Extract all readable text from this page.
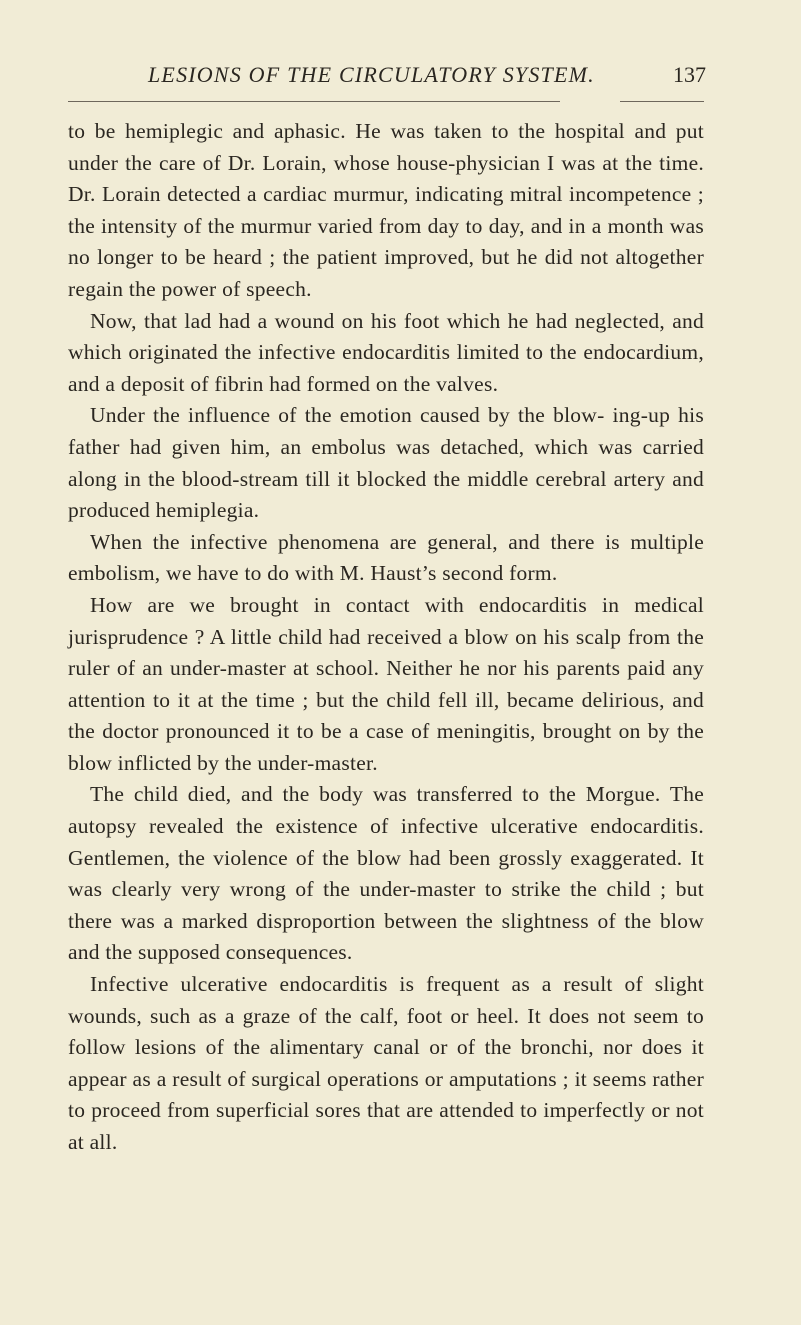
LESIONS OF THE CIRCULATORY SYSTEM.	137

to be hemiplegic and aphasic. He was taken to the hospital and put under the care of Dr. Lorain, whose house-physician I was at the time. Dr. Lorain detected a cardiac murmur, indicating mitral incompetence ; the intensity of the murmur varied from day to day, and in a month was no longer to be heard ; the patient improved, but he did not altogether regain the power of speech.

Now, that lad had a wound on his foot which he had neglected, and which originated the infective endocarditis limited to the endocardium, and a deposit of fibrin had formed on the valves.

Under the influence of the emotion caused by the blow- ing-up his father had given him, an embolus was detached, which was carried along in the blood-stream till it blocked the middle cerebral artery and produced hemiplegia.

When the infective phenomena are general, and there is multiple embolism, we have to do with M. Haust’s second form.

How are we brought in contact with endocarditis in medical jurisprudence ? A little child had received a blow on his scalp from the ruler of an under-master at school. Neither he nor his parents paid any attention to it at the time ; but the child fell ill, became delirious, and the doctor pronounced it to be a case of meningitis, brought on by the blow inflicted by the under-master.

The child died, and the body was transferred to the Morgue. The autopsy revealed the existence of infective ulcerative endocarditis. Gentlemen, the violence of the blow had been grossly exaggerated. It was clearly very wrong of the under-master to strike the child ; but there was a marked disproportion between the slightness of the blow and the supposed consequences.

Infective ulcerative endocarditis is frequent as a result of slight wounds, such as a graze of the calf, foot or heel. It does not seem to follow lesions of the alimentary canal or of the bronchi, nor does it appear as a result of surgical operations or amputations ; it seems rather to proceed from superficial sores that are attended to imperfectly or not at all.
